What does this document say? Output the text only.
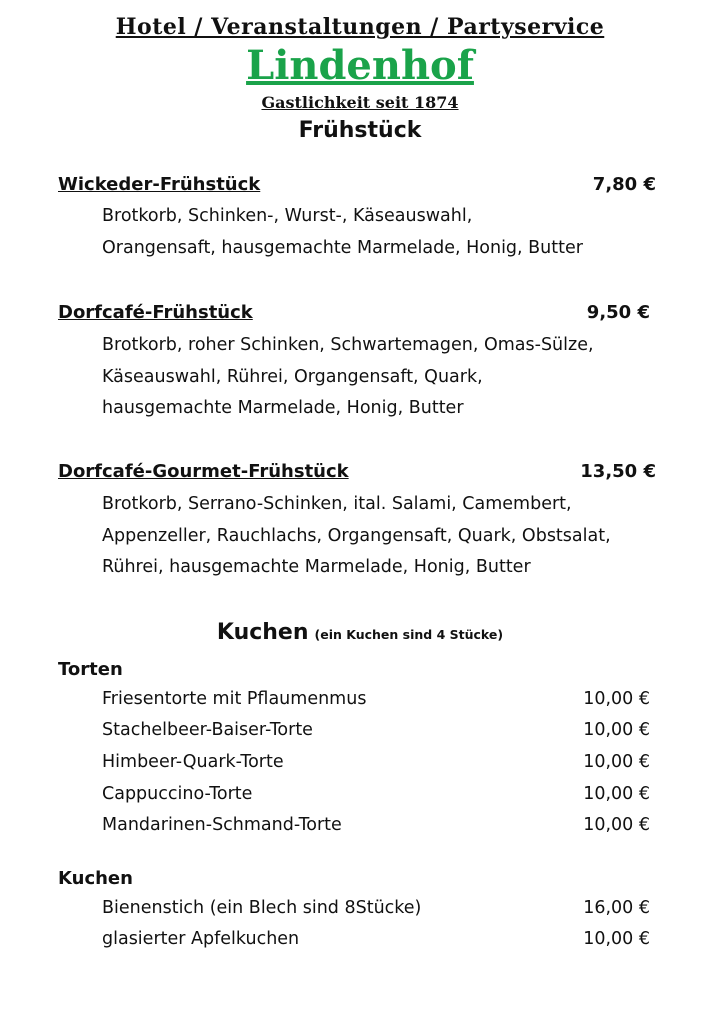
Hotel / Veranstaltungen / Partyservice
Lindenhof
Gastlichkeit seit 1874
Frühstück
Wickeder-Frühstück	7,80 €
Brotkorb, Schinken-, Wurst-, Käseauswahl,
Orangensaft, hausgemachte Marmelade, Honig, Butter
Dorfcafé-Frühstück	9,50 €
Brotkorb, roher Schinken, Schwartemagen, Omas-Sülze,
Käseauswahl, Rührei, Organgensaft, Quark,
hausgemachte Marmelade, Honig, Butter
Dorfcafé-Gourmet-Frühstück	13,50 €
Brotkorb, Serrano-Schinken, ital. Salami, Camembert,
Appenzeller, Rauchlachs, Organgensaft, Quark, Obstsalat,
Rührei, hausgemachte Marmelade, Honig, Butter
Kuchen (ein Kuchen sind 4 Stücke)
Torten
Friesentorte mit Pflaumenmus	10,00 €
Stachelbeer-Baiser-Torte	10,00 €
Himbeer-Quark-Torte	10,00 €
Cappuccino-Torte	10,00 €
Mandarinen-Schmand-Torte	10,00 €
Kuchen
Bienenstich (ein Blech sind 8Stücke)	16,00 €
glasierter Apfelkuchen	10,00 €
